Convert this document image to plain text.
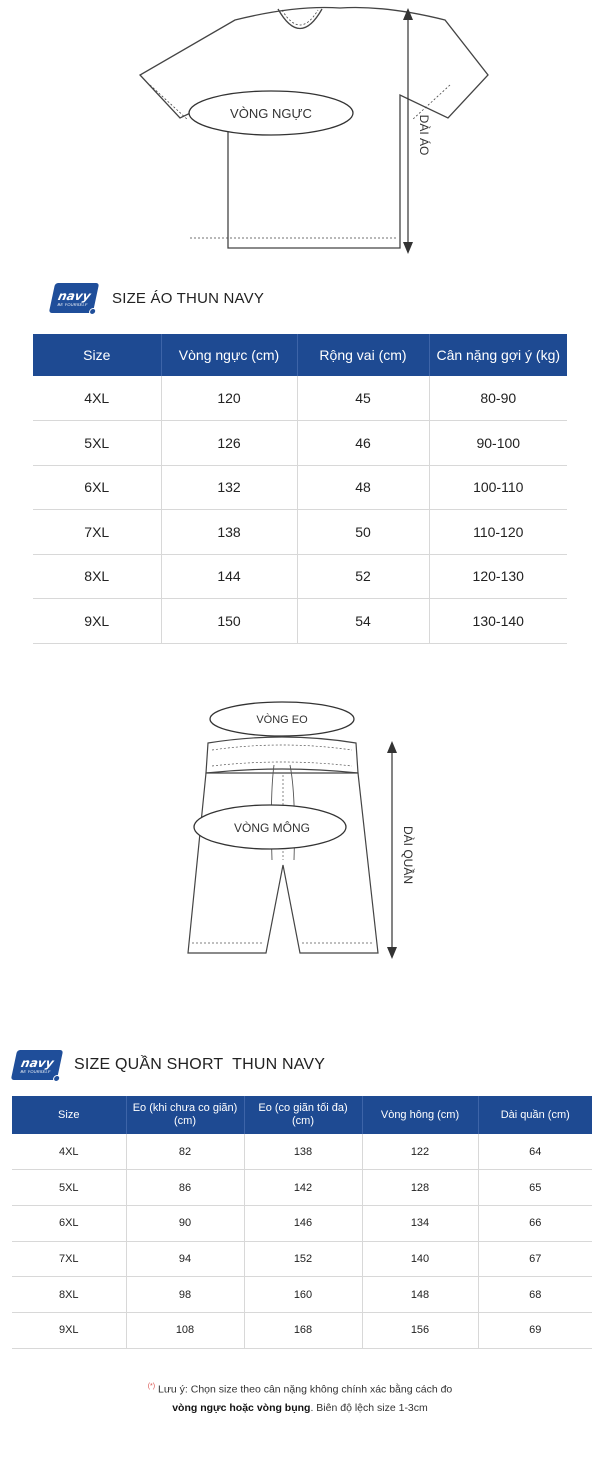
VÒNG NGỰC
DÀI ÁO
navy
BE YOURSELF SIZE ÁO THUN NAVY
Size	Vòng ngực (cm)	Rộng vai (cm)	Cân nặng gợi ý (kg)
4XL	120	45	80-90
5XL	126	46	90-100
6XL	132	48	100-110
7XL	138	50	110-120
8XL	144	52	120-130
9XL	150	54	130-140
VÒNG EO
VÒNG MÔNG	DÀI QUẦN
navy
BE YOURSELF SIZE QUẦN SHORT  THUN NAVY
Size	Eo (khi chưa co giãn) (cm)	Eo (co giãn tối đa) (cm)	Vòng hông (cm)	Dài quần (cm)
4XL	82	138	122	64
5XL	86	142	128	65
6XL	90	146	134	66
7XL	94	152	140	67
8XL	98	160	148	68
9XL	108	168	156	69
(*) Lưu ý: Chọn size theo cân nặng không chính xác bằng cách đo
vòng ngực hoặc vòng bụng. Biên độ lệch size 1-3cm
